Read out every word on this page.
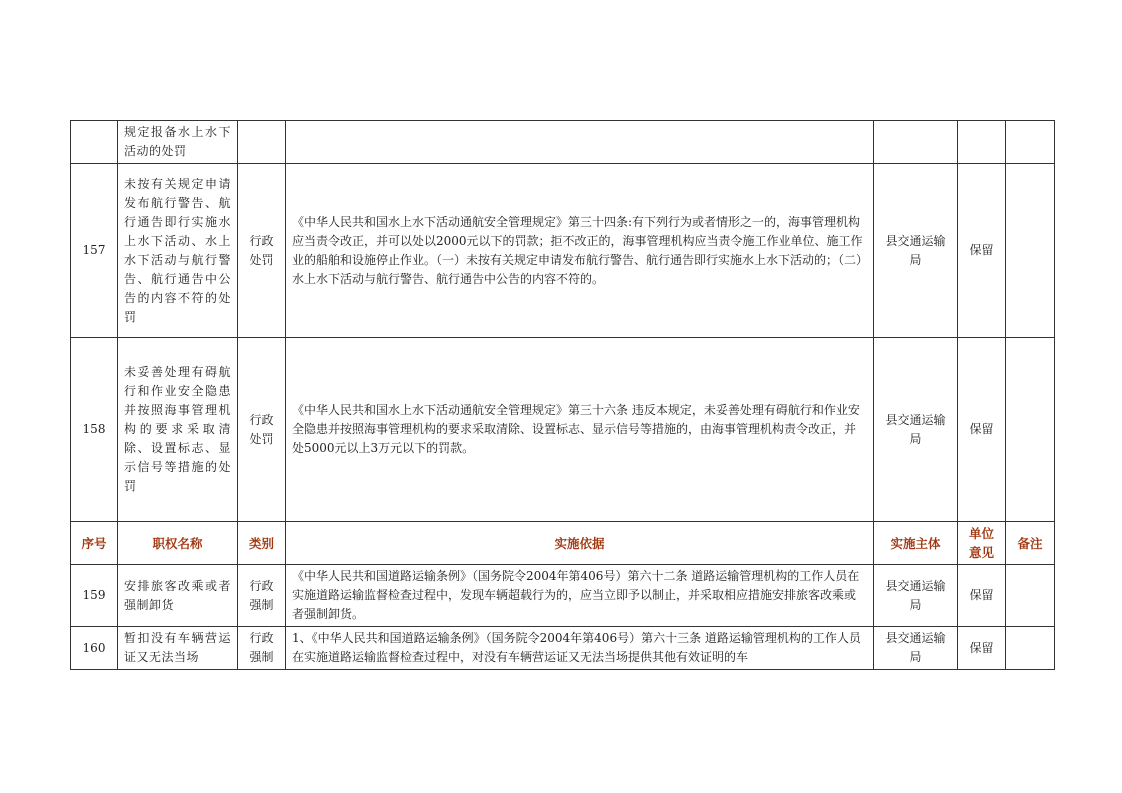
	规定报备水上水下活动的处罚					
157	未按有关规定申请发布航行警告、航行通告即行实施水上水下活动、水上水下活动与航行警告、航行通告中公告的内容不符的处罚	行政处罚	《中华人民共和国水上水下活动通航安全管理规定》第三十四条:有下列行为或者情形之一的，海事管理机构应当责令改正，并可以处以2000元以下的罚款；拒不改正的，海事管理机构应当责令施工作业单位、施工作业的船舶和设施停止作业。（一）未按有关规定申请发布航行警告、航行通告即行实施水上水下活动的；（二）水上水下活动与航行警告、航行通告中公告的内容不符的。	县交通运输局	保留	
158	未妥善处理有碍航行和作业安全隐患并按照海事管理机构的要求采取清除、设置标志、显示信号等措施的处罚	行政处罚	《中华人民共和国水上水下活动通航安全管理规定》第三十六条 违反本规定，未妥善处理有碍航行和作业安全隐患并按照海事管理机构的要求采取清除、设置标志、显示信号等措施的，由海事管理机构责令改正，并处5000元以上3万元以下的罚款。	县交通运输局	保留	
序号	职权名称	类别	实施依据	实施主体	单位意见	备注
159	安排旅客改乘或者强制卸货	行政强制	《中华人民共和国道路运输条例》（国务院令2004年第406号）第六十二条 道路运输管理机构的工作人员在实施道路运输监督检查过程中，发现车辆超载行为的，应当立即予以制止，并采取相应措施安排旅客改乘或者强制卸货。	县交通运输局	保留	
160	暂扣没有车辆营运证又无法当场	行政强制	1、《中华人民共和国道路运输条例》（国务院令2004年第406号）第六十三条 道路运输管理机构的工作人员在实施道路运输监督检查过程中，对没有车辆营运证又无法当场提供其他有效证明的车	县交通运输局	保留	
